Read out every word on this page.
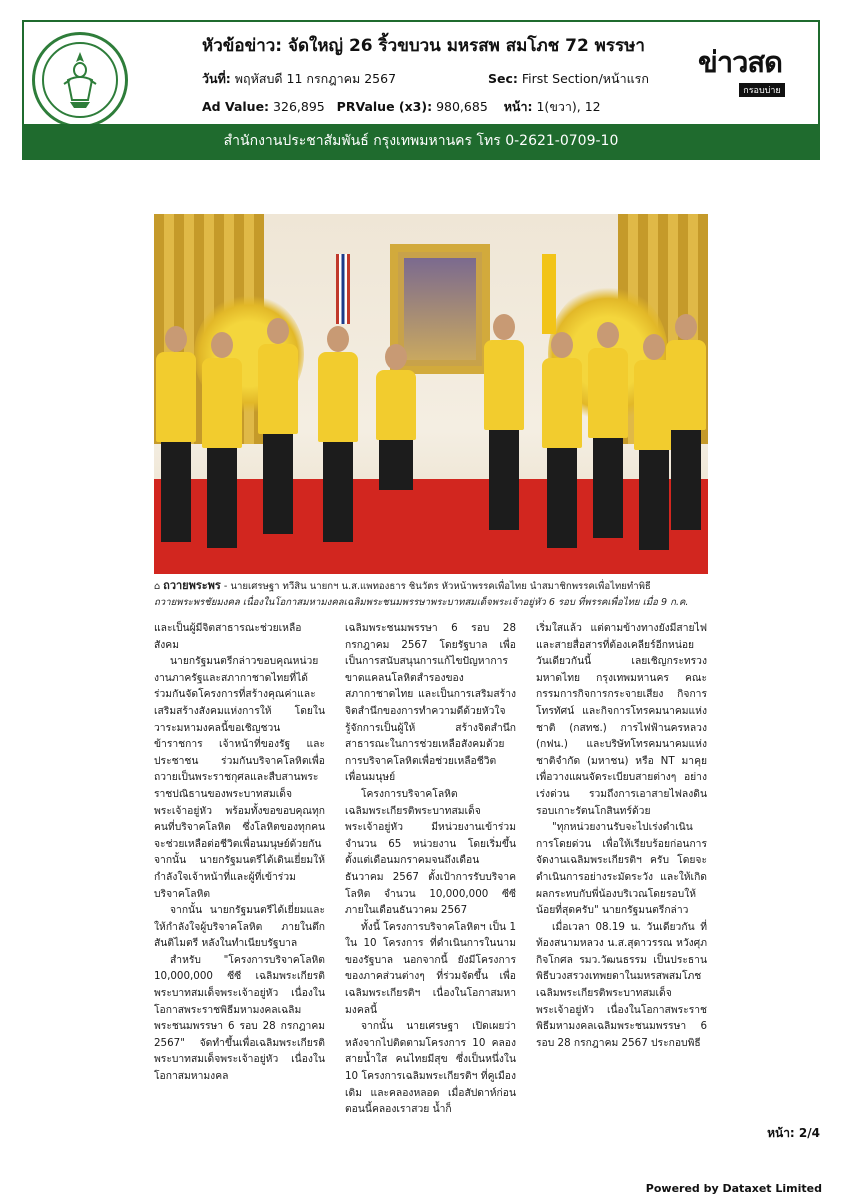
หัวข้อข่าว: จัดใหญ่ 26 ริ้วขบวน มหรสพ สมโภช 72 พรรษา
วันที่: พฤหัสบดี 11 กรกฎาคม 2567	Sec: First Section/หน้าแรก
Ad Value: 326,895 PRValue (x3): 980,685 หน้า: 1(ขวา), 12
ข่าวสด
กรอบบ่าย
สำนักงานประชาสัมพันธ์ กรุงเทพมหานคร โทร 0-2621-0709-10
⌂ ถวายพระพร - นายเศรษฐา ทวีสิน นายกฯ น.ส.แพทองธาร ชินวัตร หัวหน้าพรรคเพื่อไทย นำสมาชิกพรรคเพื่อไทยทำพิธี
ถวายพระพรชัยมงคล เนื่องในโอกาสมหามงคลเฉลิมพระชนมพรรษาพระบาทสมเด็จพระเจ้าอยู่หัว 6 รอบ ที่พรรคเพื่อไทย เมื่อ 9 ก.ค.

และเป็นผู้มีจิตสาธารณะช่วยเหลือสังคม

นายกรัฐมนตรีกล่าวขอบคุณหน่วยงานภาครัฐและสภากาชาดไทยที่ได้ร่วมกันจัดโครงการที่สร้างคุณค่าและเสริมสร้างสังคมแห่งการให้ โดยในวาระมหามงคลนี้ขอเชิญชวนข้าราชการ เจ้าหน้าที่ของรัฐ และประชาชน ร่วมกันบริจาคโลหิตเพื่อถวายเป็นพระราชกุศลและสืบสานพระราชปณิธานของพระบาทสมเด็จพระเจ้าอยู่หัว พร้อมทั้งขอขอบคุณทุกคนที่บริจาคโลหิต ซึ่งโลหิตของทุกคนจะช่วยเหลือต่อชีวิตเพื่อนมนุษย์ด้วยกัน จากนั้น นายกรัฐมนตรีได้เดินเยี่ยมให้กำลังใจเจ้าหน้าที่และผู้ที่เข้าร่วมบริจาคโลหิต

จากนั้น นายกรัฐมนตรีได้เยี่ยมและให้กำลังใจผู้บริจาคโลหิต ภายในตึกสันติไมตรี หลังในทำเนียบรัฐบาล

สำหรับ "โครงการบริจาคโลหิต 10,000,000 ซีซี เฉลิมพระเกียรติพระบาทสมเด็จพระเจ้าอยู่หัว เนื่องในโอกาสพระราชพิธีมหามงคลเฉลิมพระชนมพรรษา 6 รอบ 28 กรกฎาคม 2567" จัดทำขึ้นเพื่อเฉลิมพระเกียรติพระบาทสมเด็จพระเจ้าอยู่หัว เนื่องในโอกาสมหามงคล

เฉลิมพระชนมพรรษา 6 รอบ 28 กรกฎาคม 2567 โดยรัฐบาล เพื่อเป็นการสนับสนุนการแก้ไขปัญหาการขาดแคลนโลหิตสำรองของสภากาชาดไทย และเป็นการเสริมสร้างจิตสำนึกของการทำความดีด้วยหัวใจรู้จักการเป็นผู้ให้ สร้างจิตสำนึกสาธารณะในการช่วยเหลือสังคมด้วยการบริจาคโลหิตเพื่อช่วยเหลือชีวิตเพื่อนมนุษย์

โครงการบริจาคโลหิตเฉลิมพระเกียรติพระบาทสมเด็จพระเจ้าอยู่หัว มีหน่วยงานเข้าร่วม จำนวน 65 หน่วยงาน โดยเริ่มขึ้นตั้งแต่เดือนมกราคมจนถึงเดือนธันวาคม 2567 ตั้งเป้าการรับบริจาคโลหิต จำนวน 10,000,000 ซีซี ภายในเดือนธันวาคม 2567

ทั้งนี้ โครงการบริจาคโลหิตฯ เป็น 1 ใน 10 โครงการ ที่ดำเนินการในนามของรัฐบาล นอกจากนี้ ยังมีโครงการของภาคส่วนต่างๆ ที่ร่วมจัดขึ้น เพื่อเฉลิมพระเกียรติฯ เนื่องในโอกาสมหามงคลนี้

จากนั้น นายเศรษฐา เปิดเผยว่า หลังจากไปติดตามโครงการ 10 คลองสายน้ำใส คนไทยมีสุข ซึ่งเป็นหนึ่งใน 10 โครงการเฉลิมพระเกียรติฯ ที่คูเมืองเดิม และคลองหลอด เมื่อสัปดาห์ก่อน ตอนนี้คลองเราสวย น้ำก็

เริ่มใสแล้ว แต่ตามข้างทางยังมีสายไฟและสายสื่อสารที่ต้องเคลียร์อีกหน่อย วันเดียวกันนี้ เลยเชิญกระทรวงมหาดไทย กรุงเทพมหานคร คณะกรรมการกิจการกระจายเสียง กิจการโทรทัศน์ และกิจการโทรคมนาคมแห่งชาติ (กสทช.) การไฟฟ้านครหลวง (กฟน.) และบริษัทโทรคมนาคมแห่งชาติจำกัด (มหาชน) หรือ NT มาคุยเพื่อวางแผนจัดระเบียบสายต่างๆ อย่างเร่งด่วน รวมถึงการเอาสายไฟลงดินรอบเกาะรัตนโกสินทร์ด้วย

"ทุกหน่วยงานรับจะไปเร่งดำเนินการโดยด่วน เพื่อให้เรียบร้อยก่อนการจัดงานเฉลิมพระเกียรติฯ ครับ โดยจะดำเนินการอย่างระมัดระวัง และให้เกิดผลกระทบกับพี่น้องบริเวณโดยรอบให้น้อยที่สุดครับ" นายกรัฐมนตรีกล่าว

เมื่อเวลา 08.19 น. วันเดียวกัน ที่ท้องสนามหลวง น.ส.สุดาวรรณ หวังศุภกิจโกศล รมว.วัฒนธรรม เป็นประธานพิธีบวงสรวงเทพยดาในมหรสพสมโภชเฉลิมพระเกียรติพระบาทสมเด็จพระเจ้าอยู่หัว เนื่องในโอกาสพระราชพิธีมหามงคลเฉลิมพระชนมพรรษา 6 รอบ 28 กรกฎาคม 2567 ประกอบพิธี

หน้า: 2/4
Powered by Dataxet Limited
